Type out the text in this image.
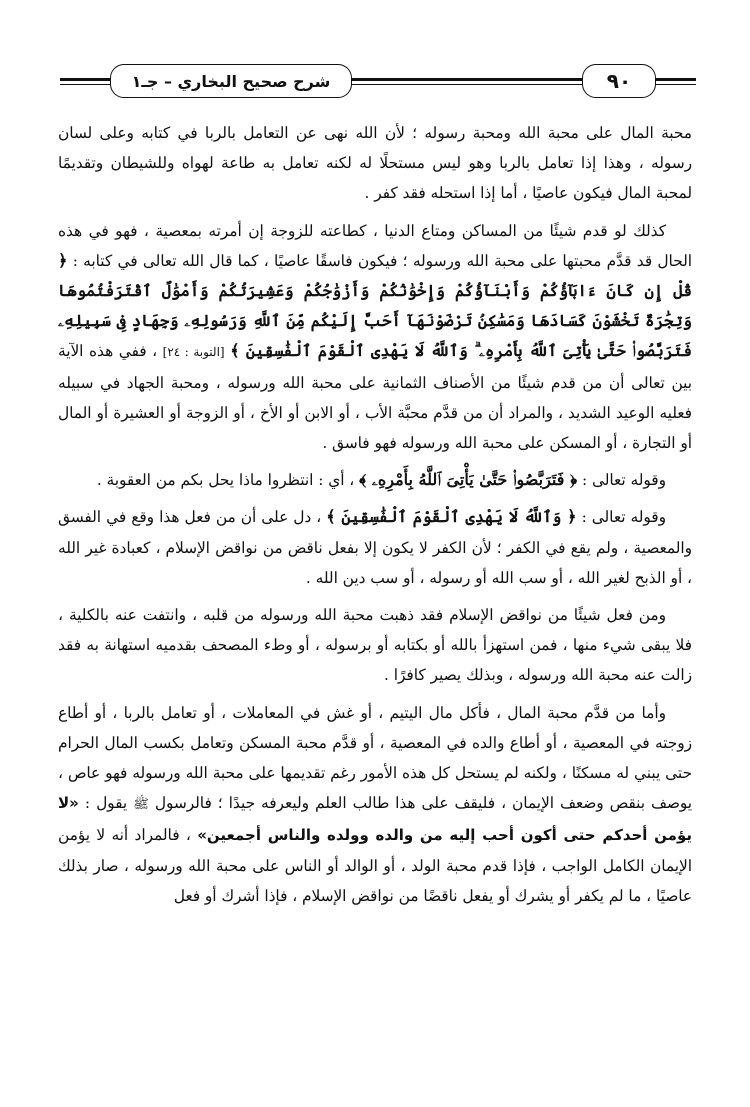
شرح صحيح البخاري – جـ١	٩٠

محبة المال على محبة الله ومحبة رسوله ؛ لأن الله نهى عن التعامل بالربا في كتابه وعلى لسان رسوله ، وهذا إذا تعامل بالربا وهو ليس مستحلًا له لكنه تعامل به طاعة لهواه وللشيطان وتقديمًا لمحبة المال فيكون عاصيًا ، أما إذا استحله فقد كفر .

كذلك لو قدم شيئًا من المساكن ومتاع الدنيا ، كطاعته للزوجة إن أمرته بمعصية ، فهو في هذه الحال قد قدَّم محبتها على محبة الله ورسوله ؛ فيكون فاسقًا عاصيًا ، كما قال الله تعالى في كتابه : ﴿ قُلْ إِن كَانَ ءَابَآؤُكُمْ وَأَبْنَآؤُكُمْ وَإِخْوَٰنُكُمْ وَأَزْوَٰجُكُمْ وَعَشِيرَتُكُمْ وَأَمْوَٰلٌ ٱقْتَرَفْتُمُوهَا وَتِجَٰرَةٌ تَخْشَوْنَ كَسَادَهَا وَمَسَٰكِنُ تَرْضَوْنَهَآ أَحَبَّ إِلَيْكُم مِّنَ ٱللَّهِ وَرَسُولِهِۦ وَجِهَادٍ فِى سَبِيلِهِۦ فَتَرَبَّصُوا۟ حَتَّىٰ يَأْتِىَ ٱللَّهُ بِأَمْرِهِۦ ۗ وَٱللَّهُ لَا يَهْدِى ٱلْقَوْمَ ٱلْفَٰسِقِينَ ﴾ [التوبة : ٢٤] ، ففي هذه الآية بين تعالى أن من قدم شيئًا من الأصناف الثمانية على محبة الله ورسوله ، ومحبة الجهاد في سبيله فعليه الوعيد الشديد ، والمراد أن من قدَّم محبَّة الأب ، أو الابن أو الأخ ، أو الزوجة أو العشيرة أو المال أو التجارة ، أو المسكن على محبة الله ورسوله فهو فاسق .

وقوله تعالى : ﴿ فَتَرَبَّصُوا۟ حَتَّىٰ يَأْتِىَ ٱللَّهُ بِأَمْرِهِۦ ﴾ ، أي : انتظروا ماذا يحل بكم من العقوبة .

وقوله تعالى : ﴿ وَٱللَّهُ لَا يَهْدِى ٱلْقَوْمَ ٱلْفَٰسِقِينَ ﴾ ، دل على أن من فعل هذا وقع في الفسق والمعصية ، ولم يقع في الكفر ؛ لأن الكفر لا يكون إلا بفعل ناقض من نواقض الإسلام ، كعبادة غير الله ، أو الذبح لغير الله ، أو سب الله أو رسوله ، أو سب دين الله .

ومن فعل شيئًا من نواقض الإسلام فقد ذهبت محبة الله ورسوله من قلبه ، وانتفت عنه بالكلية ، فلا يبقى شيء منها ، فمن استهزأ بالله أو بكتابه أو برسوله ، أو وطء المصحف بقدميه استهانة به فقد زالت عنه محبة الله ورسوله ، وبذلك يصير كافرًا .

وأما من قدَّم محبة المال ، فأكل مال اليتيم ، أو غش في المعاملات ، أو تعامل بالربا ، أو أطاع زوجته في المعصية ، أو أطاع والده في المعصية ، أو قدَّم محبة المسكن وتعامل بكسب المال الحرام حتى يبني له مسكنًا ، ولكنه لم يستحل كل هذه الأمور رغم تقديمها على محبة الله ورسوله فهو عاص ، يوصف بنقص وضعف الإيمان ، فليقف على هذا طالب العلم وليعرفه جيدًا ؛ فالرسول ﷺ يقول : «لا يؤمن أحدكم حتى أكون أحب إليه من والده وولده والناس أجمعين» ، فالمراد أنه لا يؤمن الإيمان الكامل الواجب ، فإذا قدم محبة الولد ، أو الوالد أو الناس على محبة الله ورسوله ، صار بذلك عاصيًا ، ما لم يكفر أو يشرك أو يفعل ناقضًا من نواقض الإسلام ، فإذا أشرك أو فعل
